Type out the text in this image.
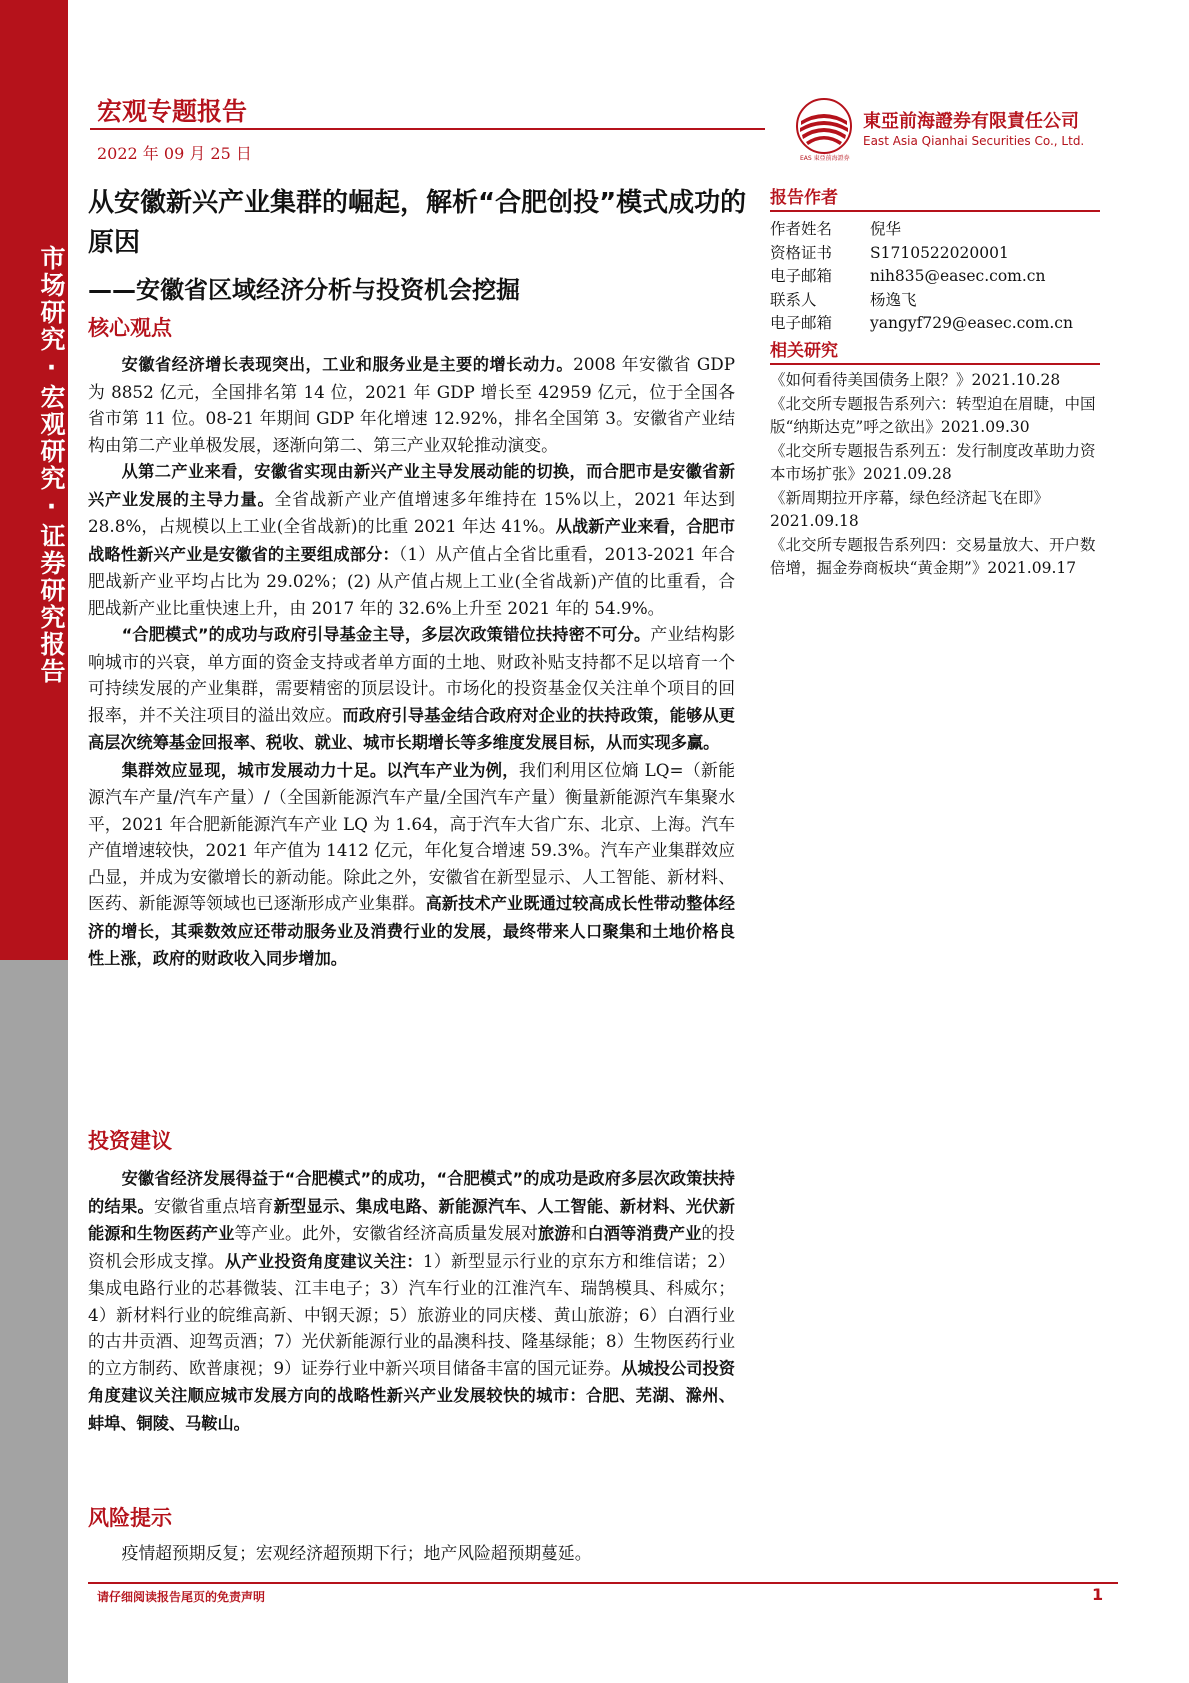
市场研究·宏观研究·证券研究报告
宏观专题报告
2022 年 09 月 25 日	EAS 東亞前海證券
東亞前海證券有限責任公司
East Asia Qianhai Securities Co., Ltd.
从安徽新兴产业集群的崛起，解析“合肥创投”模式成功的原因
——安徽省区域经济分析与投资机会挖掘
核心观点

安徽省经济增长表现突出，工业和服务业是主要的增长动力。2008 年安徽省 GDP 为 8852 亿元，全国排名第 14 位，2021 年 GDP 增长至 42959 亿元，位于全国各省市第 11 位。08-21 年期间 GDP 年化增速 12.92%，排名全国第 3。安徽省产业结构由第二产业单极发展，逐渐向第二、第三产业双轮推动演变。

从第二产业来看，安徽省实现由新兴产业主导发展动能的切换，而合肥市是安徽省新兴产业发展的主导力量。全省战新产业产值增速多年维持在 15%以上，2021 年达到 28.8%，占规模以上工业(全省战新)的比重 2021 年达 41%。从战新产业来看，合肥市战略性新兴产业是安徽省的主要组成部分：（1）从产值占全省比重看，2013-2021 年合肥战新产业平均占比为 29.02%；(2) 从产值占规上工业(全省战新)产值的比重看，合肥战新产业比重快速上升，由 2017 年的 32.6%上升至 2021 年的 54.9%。

“合肥模式”的成功与政府引导基金主导，多层次政策错位扶持密不可分。产业结构影响城市的兴衰，单方面的资金支持或者单方面的土地、财政补贴支持都不足以培育一个可持续发展的产业集群，需要精密的顶层设计。市场化的投资基金仅关注单个项目的回报率，并不关注项目的溢出效应。而政府引导基金结合政府对企业的扶持政策，能够从更高层次统筹基金回报率、税收、就业、城市长期增长等多维度发展目标，从而实现多赢。

集群效应显现，城市发展动力十足。以汽车产业为例，我们利用区位熵 LQ=（新能源汽车产量/汽车产量）/（全国新能源汽车产量/全国汽车产量）衡量新能源汽车集聚水平，2021 年合肥新能源汽车产业 LQ 为 1.64，高于汽车大省广东、北京、上海。汽车产值增速较快，2021 年产值为 1412 亿元，年化复合增速 59.3%。汽车产业集群效应凸显，并成为安徽增长的新动能。除此之外，安徽省在新型显示、人工智能、新材料、医药、新能源等领域也已逐渐形成产业集群。高新技术产业既通过较高成长性带动整体经济的增长，其乘数效应还带动服务业及消费行业的发展，最终带来人口聚集和土地价格良性上涨，政府的财政收入同步增加。

投资建议

安徽省经济发展得益于“合肥模式”的成功，“合肥模式”的成功是政府多层次政策扶持的结果。安徽省重点培育新型显示、集成电路、新能源汽车、人工智能、新材料、光伏新能源和生物医药产业等产业。此外，安徽省经济高质量发展对旅游和白酒等消费产业的投资机会形成支撑。从产业投资角度建议关注：1）新型显示行业的京东方和维信诺；2）集成电路行业的芯碁微装、江丰电子；3）汽车行业的江淮汽车、瑞鹄模具、科威尔；4）新材料行业的皖维高新、中钢天源；5）旅游业的同庆楼、黄山旅游；6）白酒行业的古井贡酒、迎驾贡酒；7）光伏新能源行业的晶澳科技、隆基绿能；8）生物医药行业的立方制药、欧普康视；9）证券行业中新兴项目储备丰富的国元证券。从城投公司投资角度建议关注顺应城市发展方向的战略性新兴产业发展较快的城市：合肥、芜湖、滁州、蚌埠、铜陵、马鞍山。

风险提示

疫情超预期反复；宏观经济超预期下行；地产风险超预期蔓延。

报告作者
作者姓名	倪华
资格证书	S1710522020001
电子邮箱	nih835@easec.com.cn
联系人	杨逸飞
电子邮箱	yangyf729@easec.com.cn
相关研究
《如何看待美国债务上限？》2021.10.28
《北交所专题报告系列六：转型迫在眉睫，中国版“纳斯达克”呼之欲出》2021.09.30
《北交所专题报告系列五：发行制度改革助力资本市场扩张》2021.09.28
《新周期拉开序幕，绿色经济起飞在即》2021.09.18
《北交所专题报告系列四：交易量放大、开户数倍增，掘金券商板块“黄金期”》2021.09.17
请仔细阅读报告尾页的免责声明	1
